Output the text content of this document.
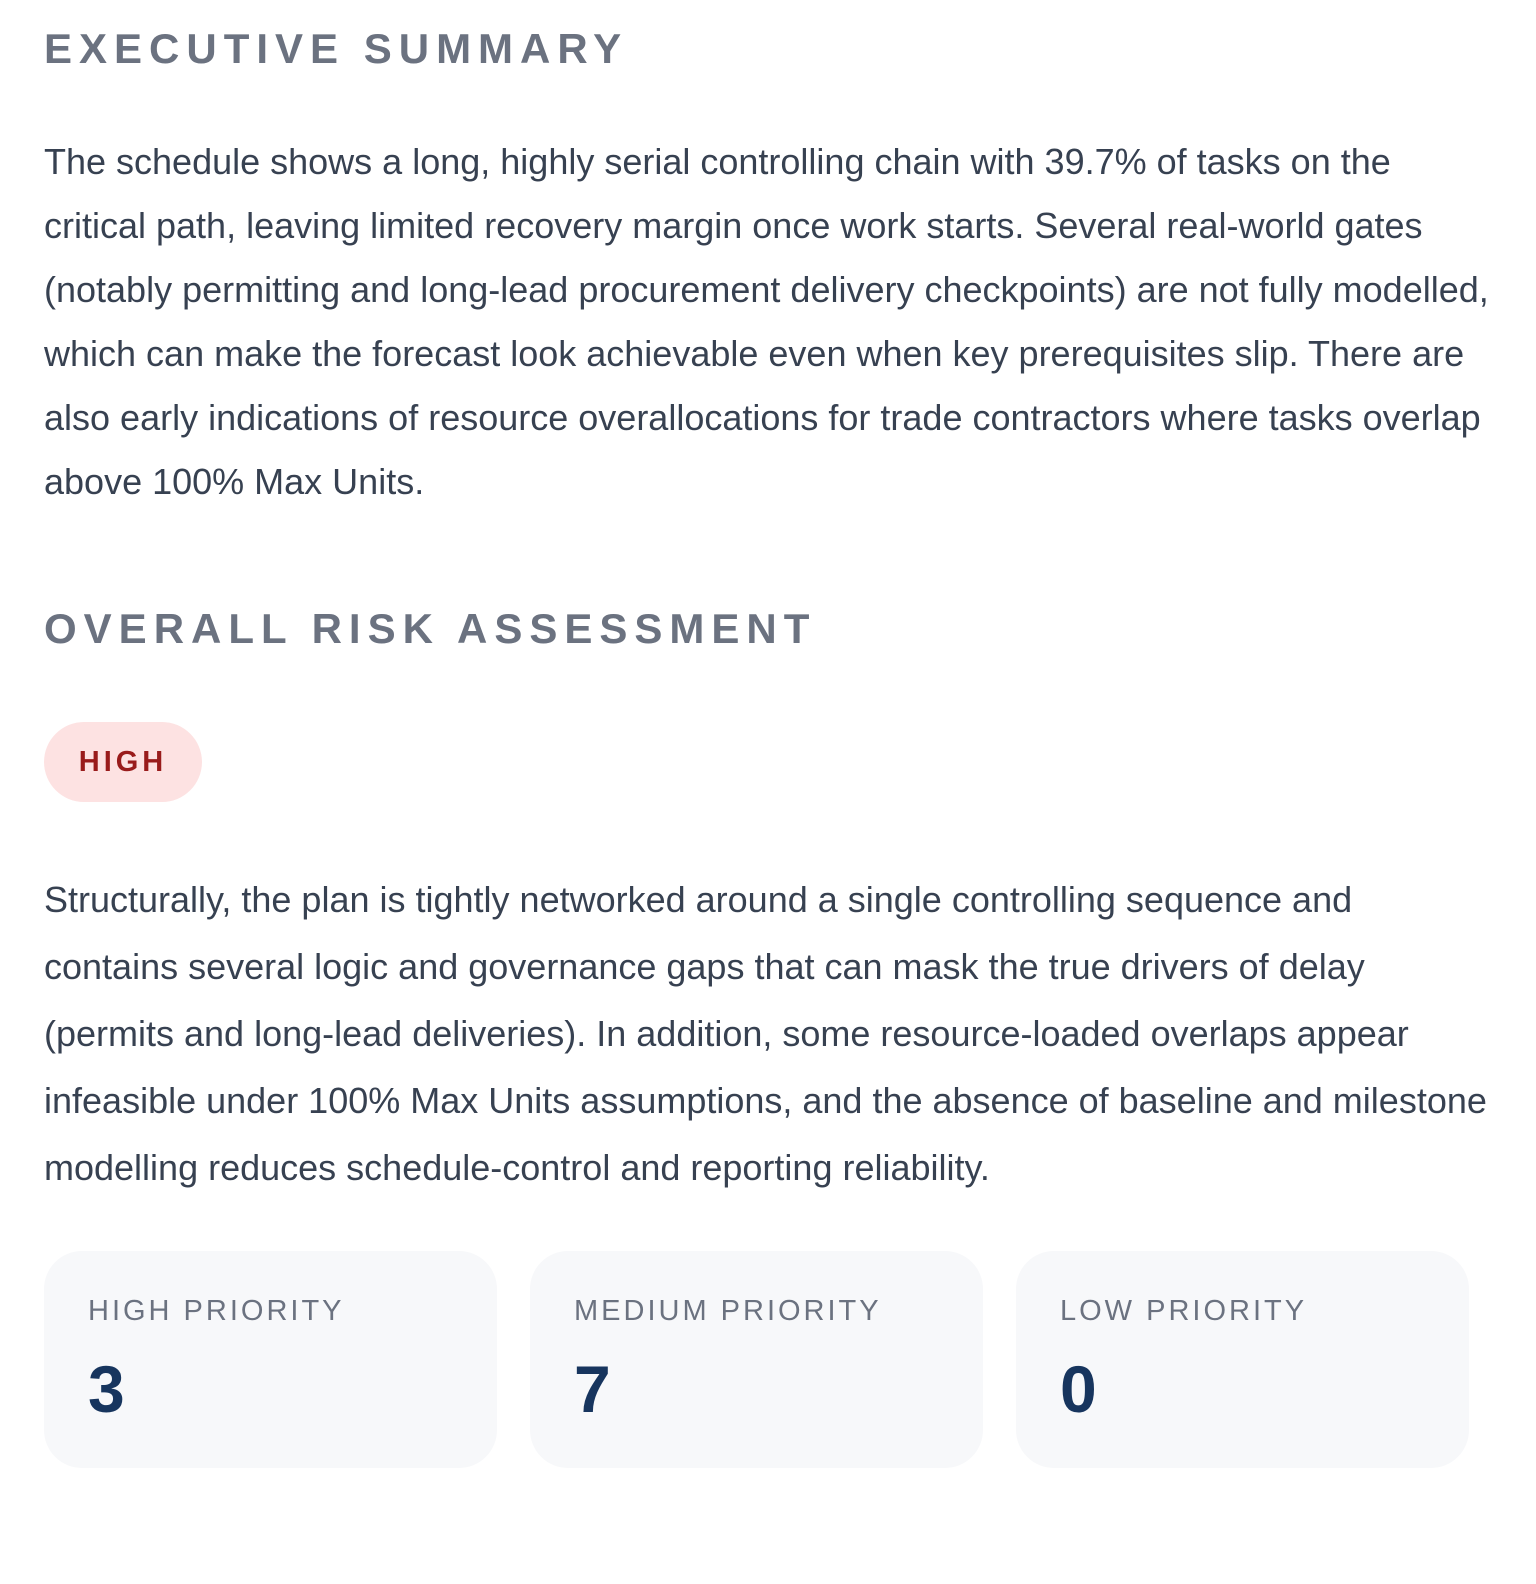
EXECUTIVE SUMMARY

The schedule shows a long, highly serial controlling chain with 39.7% of tasks on the critical path, leaving limited recovery margin once work starts. Several real-world gates (notably permitting and long-lead procurement delivery checkpoints) are not fully modelled, which can make the forecast look achievable even when key prerequisites slip. There are also early indications of resource overallocations for trade contractors where tasks overlap above 100% Max Units.

OVERALL RISK ASSESSMENT
HIGH

Structurally, the plan is tightly networked around a single controlling sequence and contains several logic and governance gaps that can mask the true drivers of delay (permits and long-lead deliveries). In addition, some resource-loaded overlaps appear infeasible under 100% Max Units assumptions, and the absence of baseline and milestone modelling reduces schedule-control and reporting reliability.

HIGH PRIORITY
3
MEDIUM PRIORITY
7
LOW PRIORITY
0
